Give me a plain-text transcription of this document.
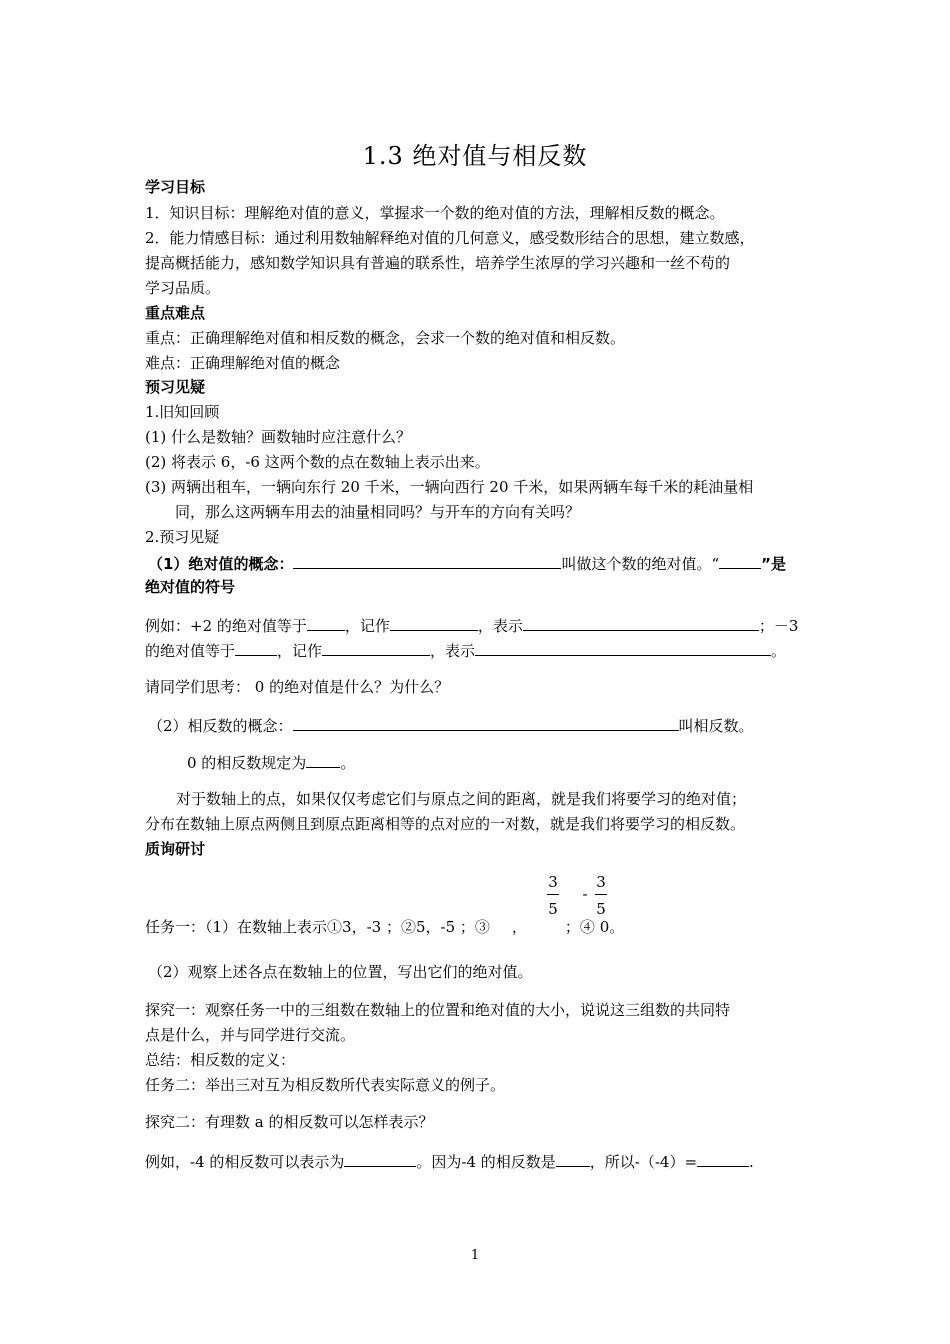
1.3 绝对值与相反数
学习目标
1．知识目标：理解绝对值的意义，掌握求一个数的绝对值的方法，理解相反数的概念。
2．能力情感目标：通过利用数轴解释绝对值的几何意义，感受数形结合的思想，建立数感，
提高概括能力，感知数学知识具有普遍的联系性，培养学生浓厚的学习兴趣和一丝不苟的
学习品质。
重点难点
重点：正确理解绝对值和相反数的概念，会求一个数的绝对值和相反数。
难点：正确理解绝对值的概念
预习见疑
1.旧知回顾
(1) 什么是数轴？画数轴时应注意什么？
(2) 将表示 6，-6 这两个数的点在数轴上表示出来。
(3) 两辆出租车，一辆向东行 20 千米，一辆向西行 20 千米，如果两辆车每千米的耗油量相
同，那么这两辆车用去的油量相同吗？与开车的方向有关吗？
2.预习见疑
（1）绝对值的概念：	叫做这个数的绝对值。“	”是
绝对值的符号
例如：+2 的绝对值等于	，记作	，表示	；－3
的绝对值等于	，记作	，表示	。
请同学们思考： 0 的绝对值是什么？为什么？
（2）相反数的概念：	叫相反数。
0 的相反数规定为 。
对于数轴上的点，如果仅仅考虑它们与原点之间的距离，就是我们将要学习的绝对值；
分布在数轴上原点两侧且到原点距离相等的点对应的一对数，就是我们将要学习的相反数。
质询研讨
3
5
-
3
5
任务一：（1）在数轴上表示①3，-3 ；②5，-5 ；③ ，	；④ 0。
（2）观察上述各点在数轴上的位置，写出它们的绝对值。
探究一：观察任务一中的三组数在数轴上的位置和绝对值的大小，说说这三组数的共同特
点是什么，并与同学进行交流。
总结：相反数的定义：
任务二：举出三对互为相反数所代表实际意义的例子。
探究二：有理数 a 的相反数可以怎样表示？
例如，-4 的相反数可以表示为	。因为-4 的相反数是 ，所以-（-4）=	.
1
